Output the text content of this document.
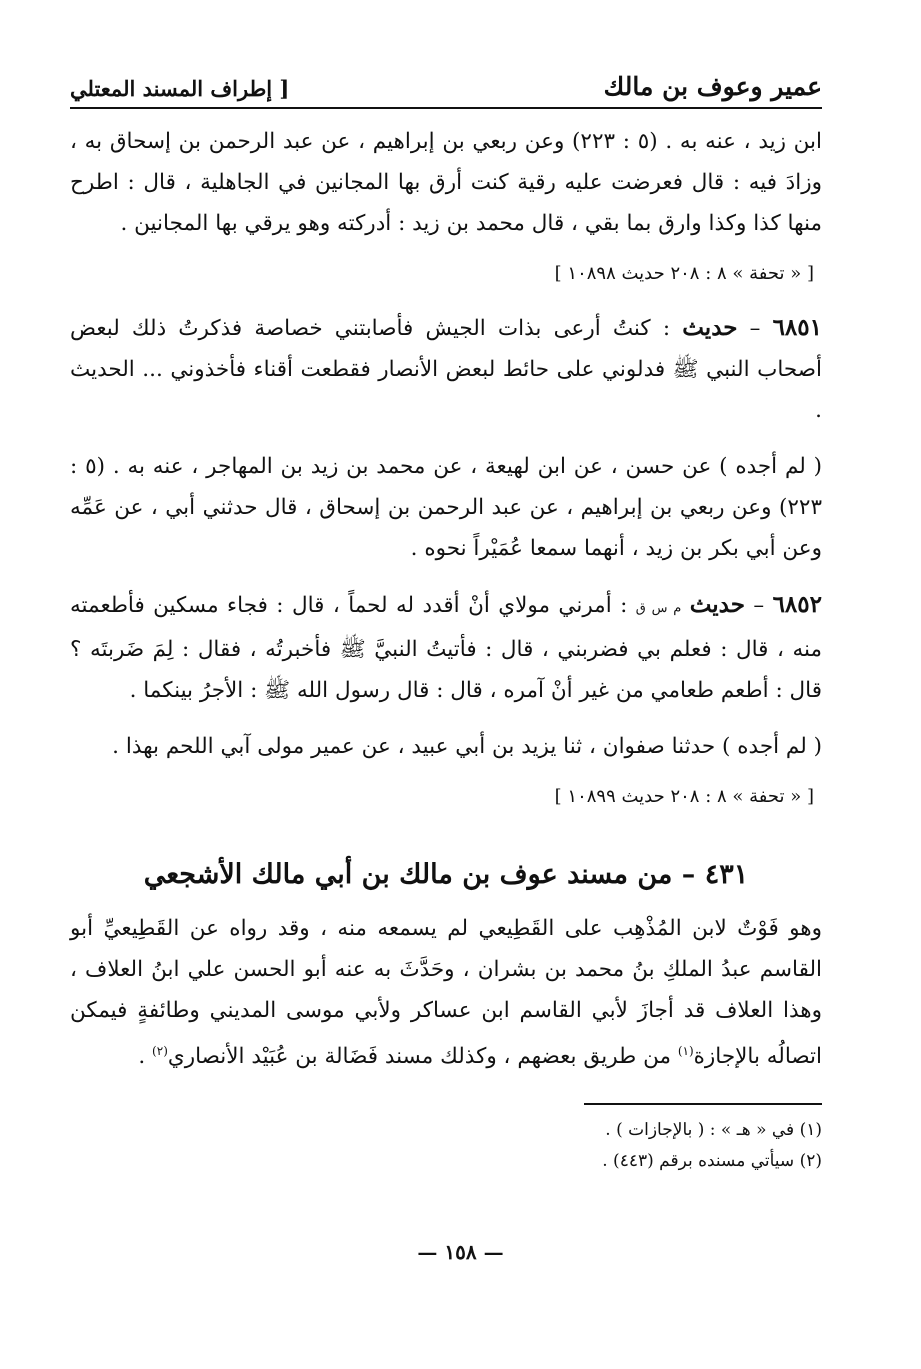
عمير وعوف بن مالك
[ إطراف المسند المعتلي

ابن زيد ، عنه به . (٥ : ٢٢٣) وعن ربعي بن إبراهيم ، عن عبد الرحمن بن إسحاق به ، وزادَ فيه : قال فعرضت عليه رقية كنت أرق بها المجانين في الجاهلية ، قال : اطرح منها كذا وكذا وارق بما بقي ، قال محمد بن زيد : أدركته وهو يرقي بها المجانين .

[ « تحفة » ٨ : ٢٠٨ حديث ١٠٨٩٨ ]

٦٨٥١ – حديث : كنتُ أرعى بذات الجيش فأصابتني خصاصة فذكرتُ ذلك لبعض أصحاب النبي ﷺ فدلوني على حائط لبعض الأنصار فقطعت أقناء فأخذوني ... الحديث .

( لم أجده ) عن حسن ، عن ابن لهيعة ، عن محمد بن زيد بن المهاجر ، عنه به . (٥ : ٢٢٣) وعن ربعي بن إبراهيم ، عن عبد الرحمن بن إسحاق ، قال حدثني أبي ، عن عَمِّه وعن أبي بكر بن زيد ، أنهما سمعا عُمَيْراً نحوه .

٦٨٥٢ – حديث م س ق : أمرني مولاي أنْ أقدد له لحماً ، قال : فجاء مسكين فأطعمته منه ، قال : فعلم بي فضربني ، قال : فأتيتُ النبيَّ ﷺ فأخبرتُه ، فقال : لِمَ ضَربتَه ؟ قال : أطعم طعامي من غير أنْ آمره ، قال : قال رسول الله ﷺ : الأجرُ بينكما .

( لم أجده ) حدثنا صفوان ، ثنا يزيد بن أبي عبيد ، عن عمير مولى آبي اللحم بهذا .

[ « تحفة » ٨ : ٢٠٨ حديث ١٠٨٩٩ ]
٤٣١ – من مسند عوف بن مالك بن أبي مالك الأشجعي

وهو فَوْتٌ لابن المُذْهِب على القَطِيعي لم يسمعه منه ، وقد رواه عن القَطِيعيِّ أبو القاسم عبدُ الملكِ بنُ محمد بن بشران ، وحَدَّثَ به عنه أبو الحسن علي ابنُ العلاف ، وهذا العلاف قد أجازَ لأبي القاسم ابن عساكر ولأبي موسى المديني وطائفةٍ فيمكن اتصالُه بالإجازة$^{(١)}$ من طريق بعضهم ، وكذلك مسند فَضَالة بن عُبَيْد الأنصاري$^{(٢)}$ .

(١) في « هـ » : ( بالإجازات ) .

(٢) سيأتي مسنده برقم (٤٤٣) .

— ١٥٨ —
